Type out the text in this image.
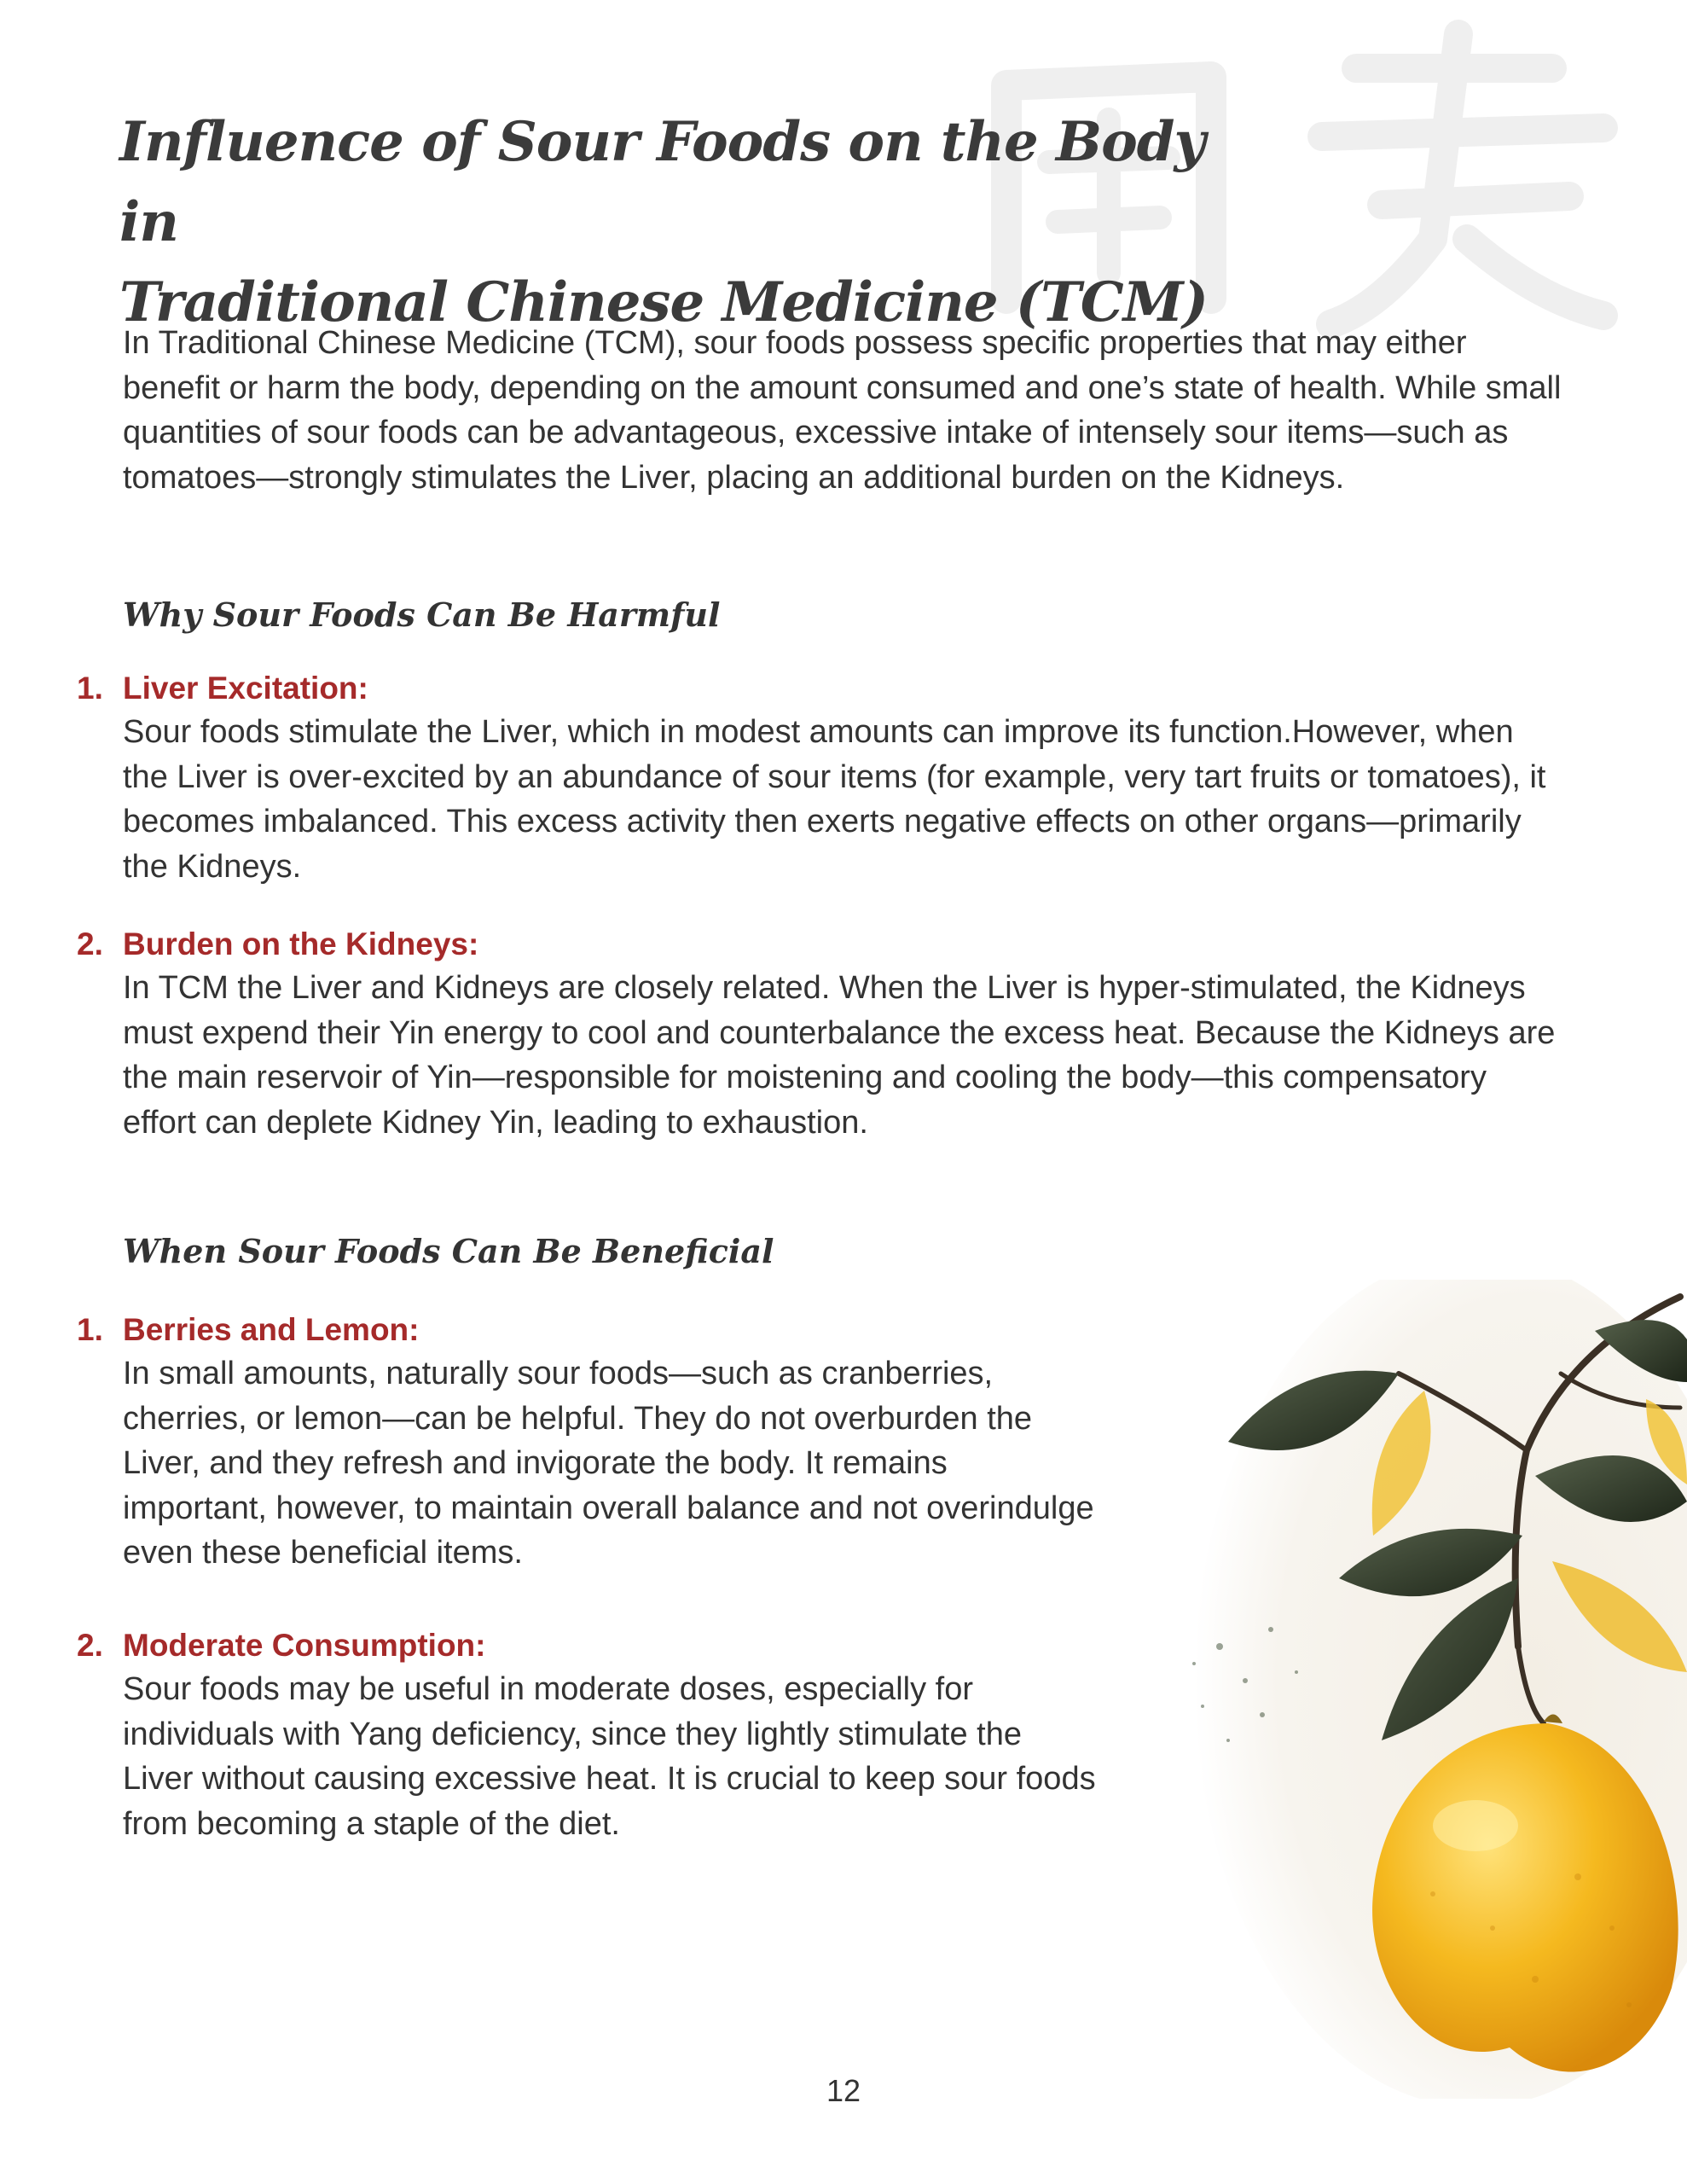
Influence of Sour Foods on the Body in
Traditional Chinese Medicine (TCM)

In Traditional Chinese Medicine (TCM), sour foods possess specific properties that may either benefit or harm the body, depending on the amount consumed and one’s state of health. While small quantities of sour foods can be advantageous, excessive intake of intensely sour items—such as tomatoes—strongly stimulates the Liver, placing an additional burden on the Kidneys.

Why Sour Foods Can Be Harmful
1. Liver Excitation:
Sour foods stimulate the Liver, which in modest amounts can improve its function.However, when the Liver is over-excited by an abundance of sour items (for example, very tart fruits or tomatoes), it becomes imbalanced. This excess activity then exerts negative effects on other organs—primarily the Kidneys.
2. Burden on the Kidneys:
In TCM the Liver and Kidneys are closely related. When the Liver is hyper-stimulated, the Kidneys must expend their Yin energy to cool and counterbalance the excess heat. Because the Kidneys are the main reservoir of Yin—responsible for moistening and cooling the body—this compensatory effort can deplete Kidney Yin, leading to exhaustion.
When Sour Foods Can Be Beneficial
1. Berries and Lemon:
In small amounts, naturally sour foods—such as cranberries, cherries, or lemon—can be helpful. They do not overburden the Liver, and they refresh and invigorate the body. It remains important, however, to maintain overall balance and not overindulge even these beneficial items.
2. Moderate Consumption:
Sour foods may be useful in moderate doses, especially for individuals with Yang deficiency, since they lightly stimulate the Liver without causing excessive heat. It is crucial to keep sour foods from becoming a staple of the diet.
12
